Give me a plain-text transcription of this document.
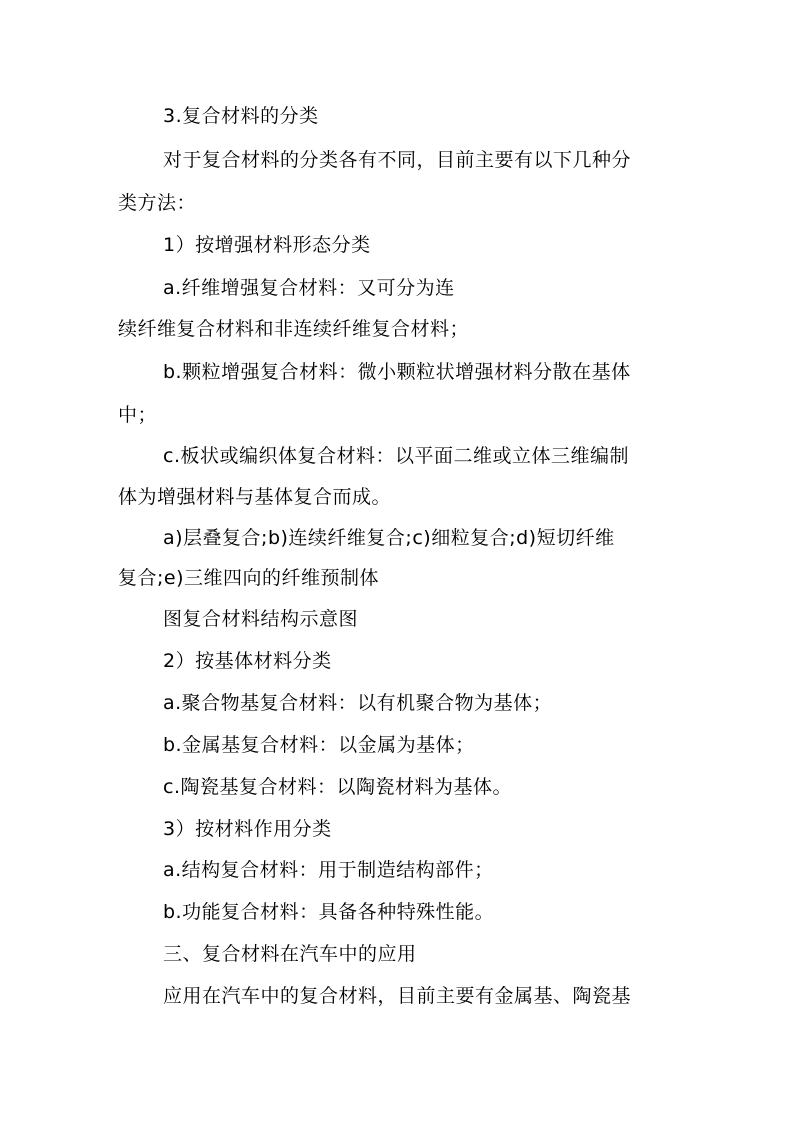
3.复合材料的分类
对于复合材料的分类各有不同，目前主要有以下几种分
类方法：
1）按增强材料形态分类
a.纤维增强复合材料：又可分为连
续纤维复合材料和非连续纤维复合材料；
b.颗粒增强复合材料：微小颗粒状增强材料分散在基体
中；
c.板状或编织体复合材料：以平面二维或立体三维编制
体为增强材料与基体复合而成。
a)层叠复合;b)连续纤维复合;c)细粒复合;d)短切纤维
复合;e)三维四向的纤维预制体
图复合材料结构示意图
2）按基体材料分类
a.聚合物基复合材料：以有机聚合物为基体；
b.金属基复合材料：以金属为基体；
c.陶瓷基复合材料：以陶瓷材料为基体。
3）按材料作用分类
a.结构复合材料：用于制造结构部件；
b.功能复合材料：具备各种特殊性能。
三、复合材料在汽车中的应用
应用在汽车中的复合材料，目前主要有金属基、陶瓷基
